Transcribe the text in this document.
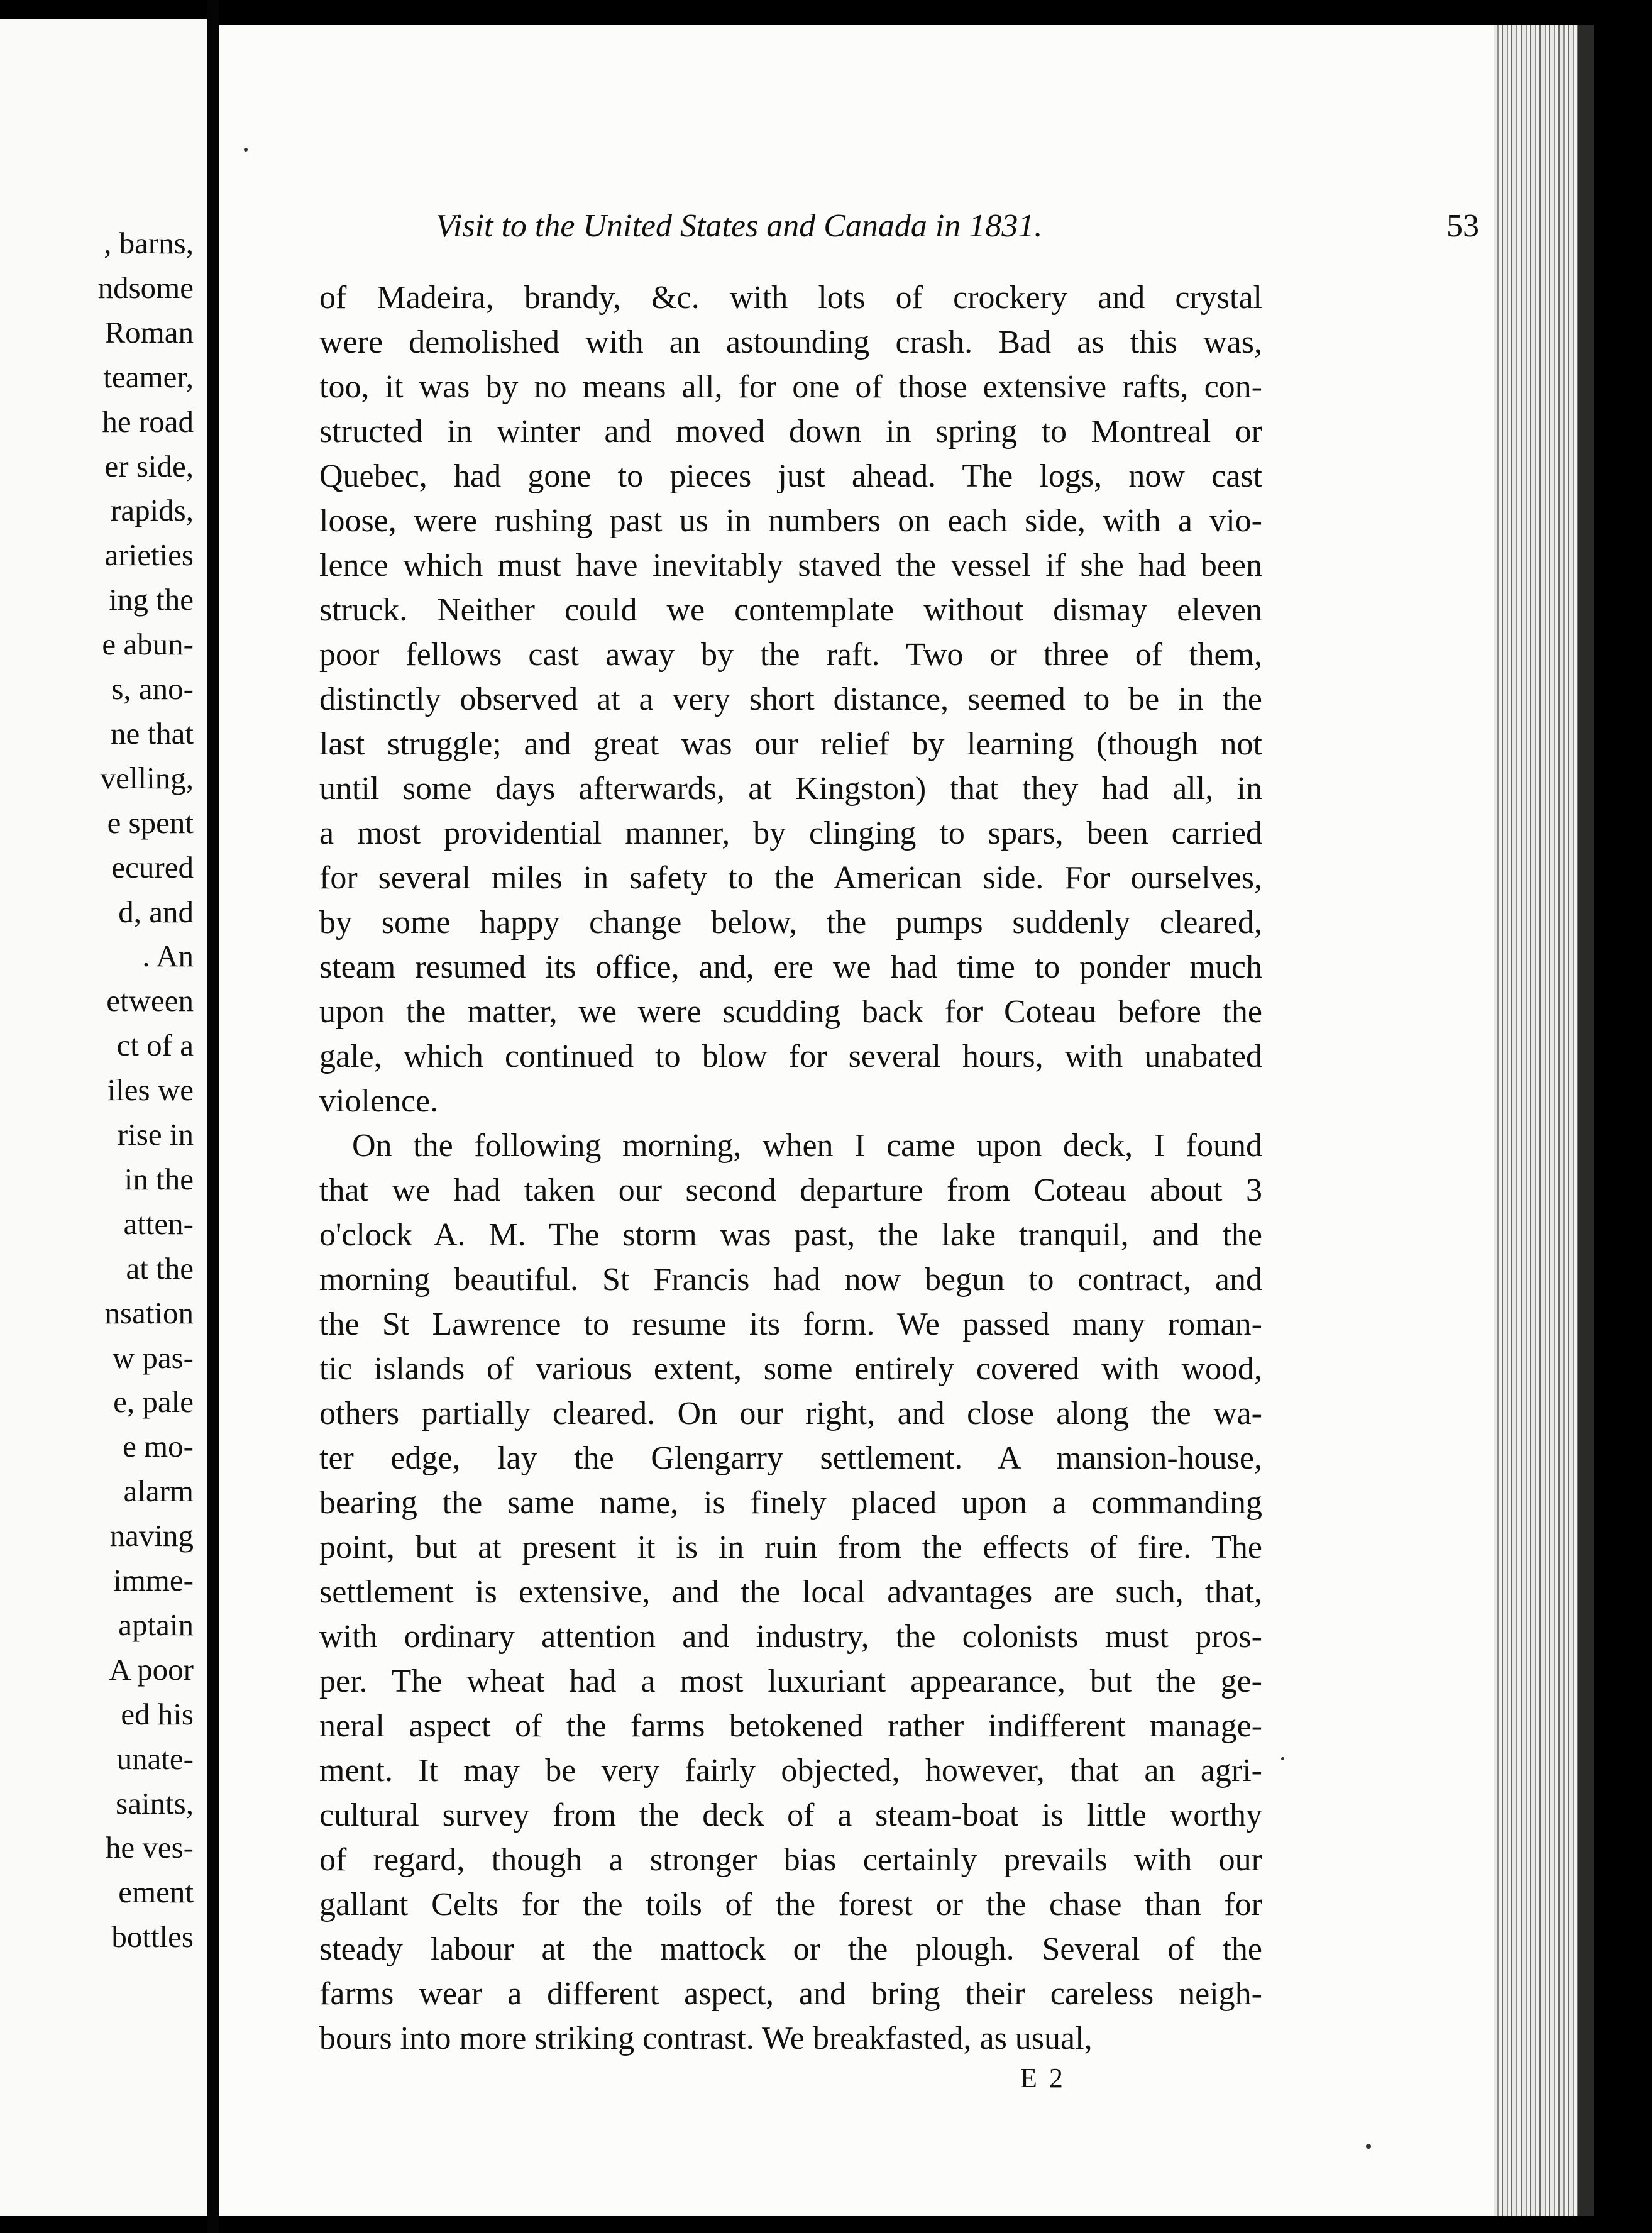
, barns,
ndsome
Roman
teamer,
he road
er side,
rapids,
arieties
ing the
e abun-
s, ano-
ne that
velling,
e spent
ecured
d, and
. An
etween
ct of a
iles we
rise in
in the
atten-
at the
nsation
w pas-
e, pale
e mo-
alarm
naving
imme-
aptain
A poor
ed his
unate-
saints,
he ves-
ement
bottles
Visit to the United States and Canada in 1831.	53
of Madeira, brandy, &c. with lots of crockery and crystal
were demolished with an astounding crash. Bad as this was,
too, it was by no means all, for one of those extensive rafts, con-
structed in winter and moved down in spring to Montreal or
Quebec, had gone to pieces just ahead. The logs, now cast
loose, were rushing past us in numbers on each side, with a vio-
lence which must have inevitably staved the vessel if she had been
struck. Neither could we contemplate without dismay eleven
poor fellows cast away by the raft. Two or three of them,
distinctly observed at a very short distance, seemed to be in the
last struggle; and great was our relief by learning (though not
until some days afterwards, at Kingston) that they had all, in
a most providential manner, by clinging to spars, been carried
for several miles in safety to the American side. For ourselves,
by some happy change below, the pumps suddenly cleared,
steam resumed its office, and, ere we had time to ponder much
upon the matter, we were scudding back for Coteau before the
gale, which continued to blow for several hours, with unabated
violence.
On the following morning, when I came upon deck, I found
that we had taken our second departure from Coteau about 3
o'clock A. M. The storm was past, the lake tranquil, and the
morning beautiful. St Francis had now begun to contract, and
the St Lawrence to resume its form. We passed many roman-
tic islands of various extent, some entirely covered with wood,
others partially cleared. On our right, and close along the wa-
ter edge, lay the Glengarry settlement. A mansion-house,
bearing the same name, is finely placed upon a commanding
point, but at present it is in ruin from the effects of fire. The
settlement is extensive, and the local advantages are such, that,
with ordinary attention and industry, the colonists must pros-
per. The wheat had a most luxuriant appearance, but the ge-
neral aspect of the farms betokened rather indifferent manage-
ment. It may be very fairly objected, however, that an agri-
cultural survey from the deck of a steam-boat is little worthy
of regard, though a stronger bias certainly prevails with our
gallant Celts for the toils of the forest or the chase than for
steady labour at the mattock or the plough. Several of the
farms wear a different aspect, and bring their careless neigh-
bours into more striking contrast. We breakfasted, as usual,
E 2
